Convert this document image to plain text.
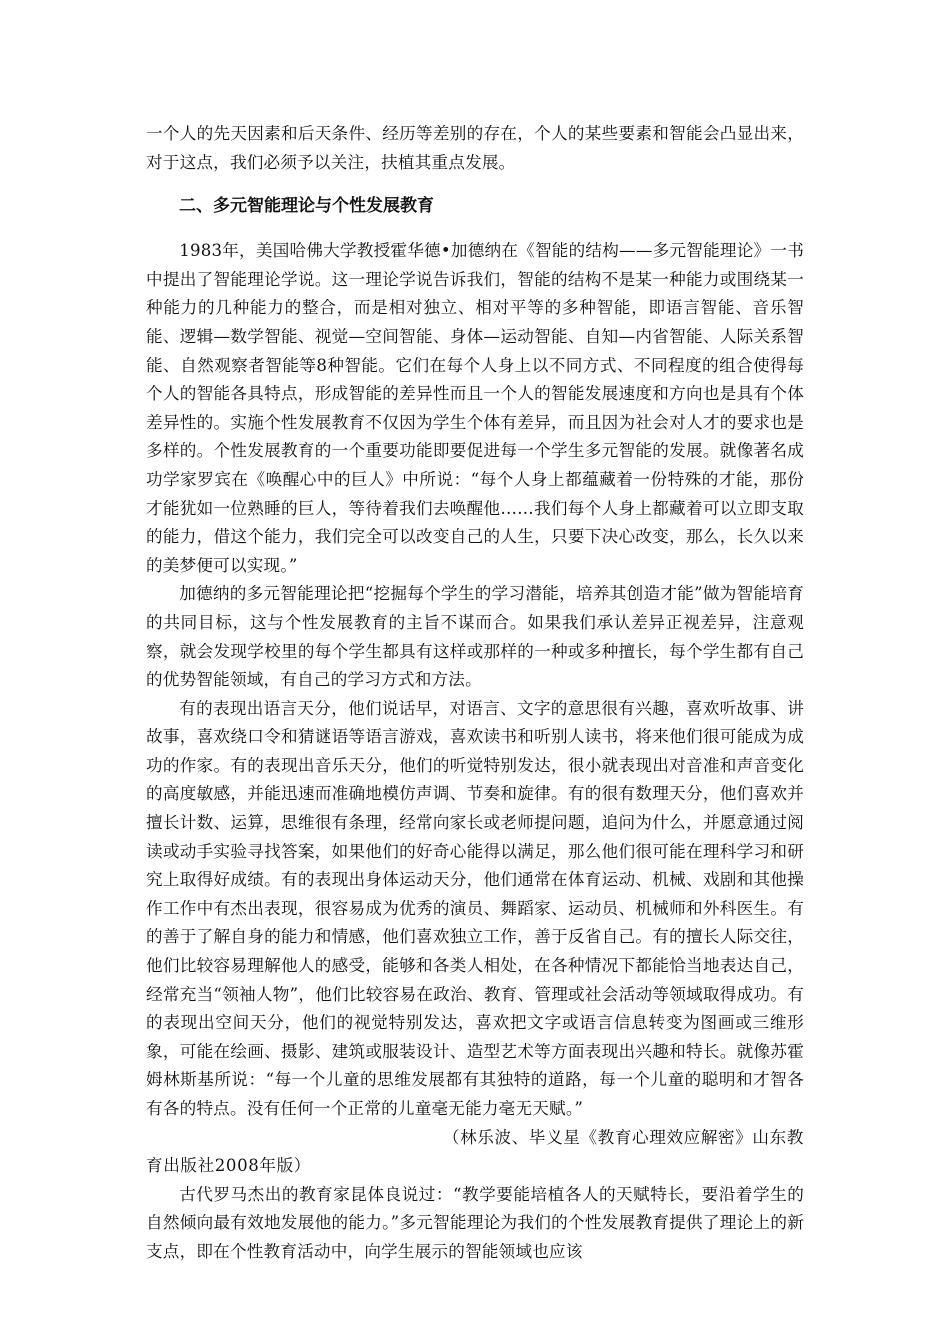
一个人的先天因素和后天条件、经历等差别的存在，个人的某些要素和智能会凸显出来，对于这点，我们必须予以关注，扶植其重点发展。

二、多元智能理论与个性发展教育

1983年，美国哈佛大学教授霍华德•加德纳在《智能的结构——多元智能理论》一书中提出了智能理论学说。这一理论学说告诉我们，智能的结构不是某一种能力或围绕某一种能力的几种能力的整合，而是相对独立、相对平等的多种智能，即语言智能、音乐智能、逻辑—数学智能、视觉—空间智能、身体—运动智能、自知—内省智能、人际关系智能、自然观察者智能等8种智能。它们在每个人身上以不同方式、不同程度的组合使得每个人的智能各具特点，形成智能的差异性而且一个人的智能发展速度和方向也是具有个体差异性的。实施个性发展教育不仅因为学生个体有差异，而且因为社会对人才的要求也是多样的。个性发展教育的一个重要功能即要促进每一个学生多元智能的发展。就像著名成功学家罗宾在《唤醒心中的巨人》中所说：“每个人身上都蕴藏着一份特殊的才能，那份才能犹如一位熟睡的巨人，等待着我们去唤醒他……我们每个人身上都藏着可以立即支取的能力，借这个能力，我们完全可以改变自己的人生，只要下决心改变，那么，长久以来的美梦便可以实现。”

加德纳的多元智能理论把“挖掘每个学生的学习潜能，培养其创造才能”做为智能培育的共同目标，这与个性发展教育的主旨不谋而合。如果我们承认差异正视差异，注意观察，就会发现学校里的每个学生都具有这样或那样的一种或多种擅长，每个学生都有自己的优势智能领域，有自己的学习方式和方法。

有的表现出语言天分，他们说话早，对语言、文字的意思很有兴趣，喜欢听故事、讲故事，喜欢绕口令和猜谜语等语言游戏，喜欢读书和听别人读书，将来他们很可能成为成功的作家。有的表现出音乐天分，他们的听觉特别发达，很小就表现出对音准和声音变化的高度敏感，并能迅速而准确地模仿声调、节奏和旋律。有的很有数理天分，他们喜欢并擅长计数、运算，思维很有条理，经常向家长或老师提问题，追问为什么，并愿意通过阅读或动手实验寻找答案，如果他们的好奇心能得以满足，那么他们很可能在理科学习和研究上取得好成绩。有的表现出身体运动天分，他们通常在体育运动、机械、戏剧和其他操作工作中有杰出表现，很容易成为优秀的演员、舞蹈家、运动员、机械师和外科医生。有的善于了解自身的能力和情感，他们喜欢独立工作，善于反省自己。有的擅长人际交往，他们比较容易理解他人的感受，能够和各类人相处，在各种情况下都能恰当地表达自己，经常充当“领袖人物”，他们比较容易在政治、教育、管理或社会活动等领域取得成功。有的表现出空间天分，他们的视觉特别发达，喜欢把文字或语言信息转变为图画或三维形象，可能在绘画、摄影、建筑或服装设计、造型艺术等方面表现出兴趣和特长。就像苏霍姆林斯基所说：“每一个儿童的思维发展都有其独特的道路，每一个儿童的聪明和才智各有各的特点。没有任何一个正常的儿童毫无能力毫无天赋。”

（林乐波、毕义星《教育心理效应解密》山东教
育出版社2008年版）

古代罗马杰出的教育家昆体良说过：“教学要能培植各人的天赋特长，要沿着学生的自然倾向最有效地发展他的能力。”多元智能理论为我们的个性发展教育提供了理论上的新支点，即在个性教育活动中，向学生展示的智能领域也应该
